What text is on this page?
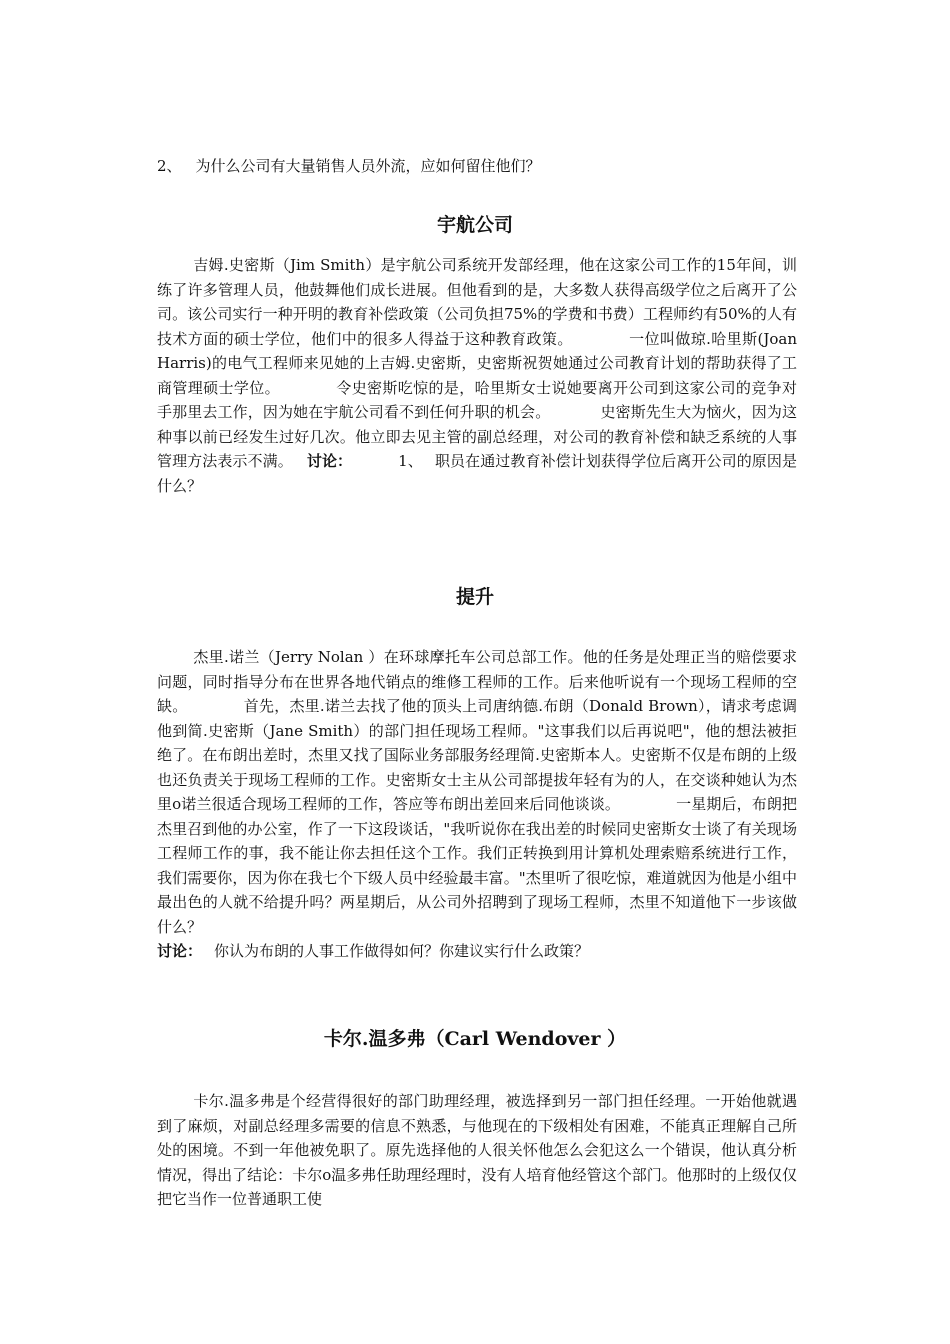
2、 为什么公司有大量销售人员外流，应如何留住他们？
宇航公司
吉姆.史密斯（Jim Smith）是宇航公司系统开发部经理，他在这家公司工作的15年间，训练了许多管理人员，他鼓舞他们成长进展。但他看到的是，大多数人获得高级学位之后离开了公司。该公司实行一种开明的教育补偿政策（公司负担75%的学费和书费）工程师约有50%的人有技术方面的硕士学位，他们中的很多人得益于这种教育政策。	一位叫做琼.哈里斯(Joan Harris)的电气工程师来见她的上吉姆.史密斯，史密斯祝贺她通过公司教育计划的帮助获得了工商管理硕士学位。	令史密斯吃惊的是，哈里斯女士说她要离开公司到这家公司的竞争对手那里去工作，因为她在宇航公司看不到任何升职的机会。	史密斯先生大为恼火，因为这种事以前已经发生过好几次。他立即去见主管的副总经理，对公司的教育补偿和缺乏系统的人事管理方法表示不满。 讨论：	1、 职员在通过教育补偿计划获得学位后离开公司的原因是什么？
提升
杰里.诺兰（Jerry Nolan ）在环球摩托车公司总部工作。他的任务是处理正当的赔偿要求问题，同时指导分布在世界各地代销点的维修工程师的工作。后来他听说有一个现场工程师的空缺。	首先，杰里.诺兰去找了他的顶头上司唐纳德.布朗（Donald Brown），请求考虑调他到简.史密斯（Jane Smith）的部门担任现场工程师。"这事我们以后再说吧"，他的想法被拒绝了。在布朗出差时，杰里又找了国际业务部服务经理简.史密斯本人。史密斯不仅是布朗的上级也还负责关于现场工程师的工作。史密斯女士主从公司部提拔年轻有为的人，在交谈种她认为杰里o诺兰很适合现场工程师的工作，答应等布朗出差回来后同他谈谈。	一星期后，布朗把杰里召到他的办公室，作了一下这段谈话，"我听说你在我出差的时候同史密斯女士谈了有关现场工程师工作的事，我不能让你去担任这个工作。我们正转换到用计算机处理索赔系统进行工作，我们需要你，因为你在我七个下级人员中经验最丰富。"杰里听了很吃惊，难道就因为他是小组中最出色的人就不给提升吗？两星期后，从公司外招聘到了现场工程师，杰里不知道他下一步该做什么？
讨论： 你认为布朗的人事工作做得如何？你建议实行什么政策？
卡尔.温多弗（Carl Wendover ）
卡尔.温多弗是个经营得很好的部门助理经理，被选择到另一部门担任经理。一开始他就遇到了麻烦，对副总经理多需要的信息不熟悉，与他现在的下级相处有困难，不能真正理解自己所处的困境。不到一年他被免职了。原先选择他的人很关怀他怎么会犯这么一个错误，他认真分析情况，得出了结论：卡尔o温多弗任助理经理时，没有人培育他经管这个部门。他那时的上级仅仅把它当作一位普通职工使
